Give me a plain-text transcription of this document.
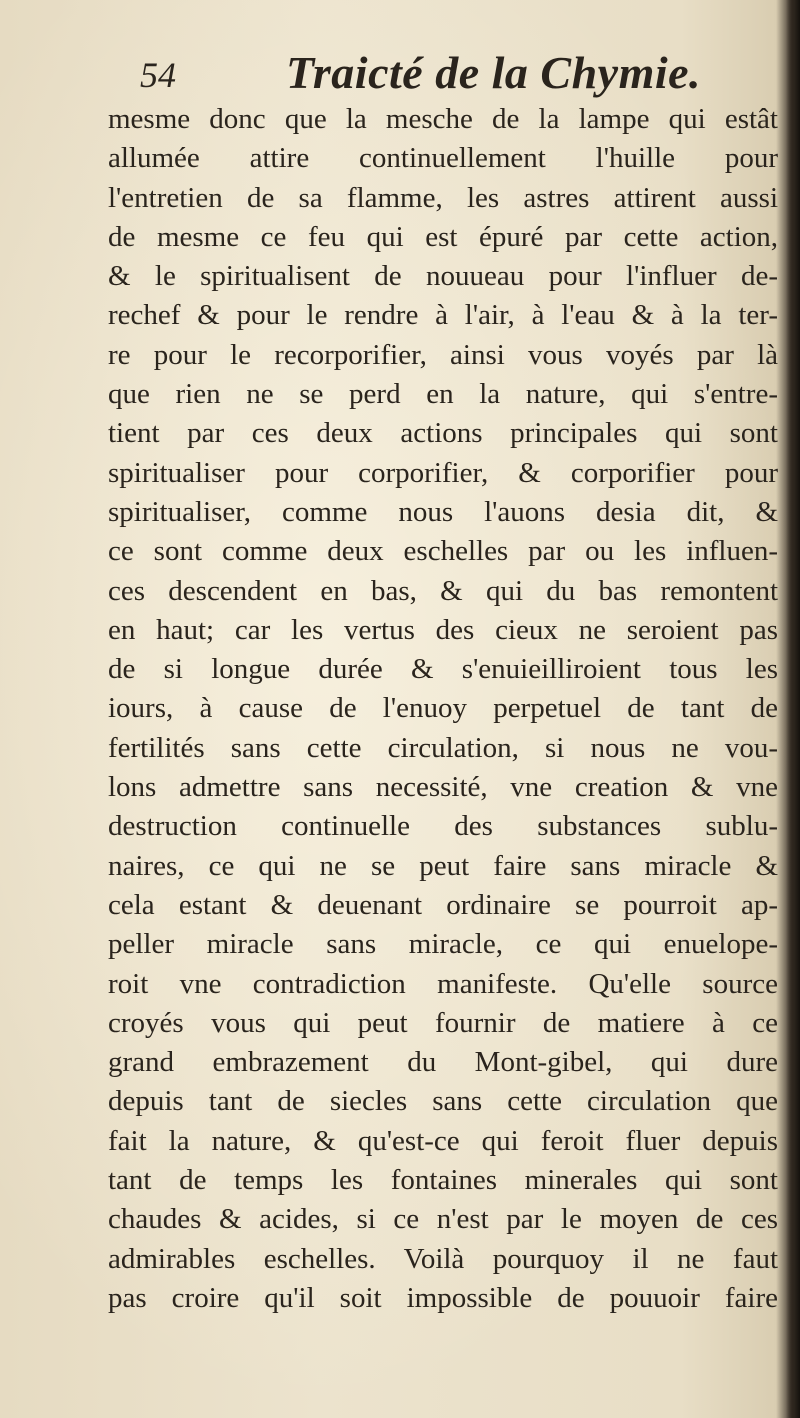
54 Traicté de la Chymie.
mesme donc que la mesche de la lampe qui estât
allumée attire continuellement l'huille pour
l'entretien de sa flamme, les astres attirent aussi
de mesme ce feu qui est épuré par cette action,
& le spiritualisent de nouueau pour l'influer de-
rechef & pour le rendre à l'air, à l'eau & à la ter-
re pour le recorporifier, ainsi vous voyés par là
que rien ne se perd en la nature, qui s'entre-
tient par ces deux actions principales qui sont
spiritualiser pour corporifier, & corporifier pour
spiritualiser, comme nous l'auons desia dit, &
ce sont comme deux eschelles par ou les influen-
ces descendent en bas, & qui du bas remontent
en haut; car les vertus des cieux ne seroient pas
de si longue durée & s'enuieilliroient tous les
iours, à cause de l'enuoy perpetuel de tant de
fertilités sans cette circulation, si nous ne vou-
lons admettre sans necessité, vne creation & vne
destruction continuelle des substances sublu-
naires, ce qui ne se peut faire sans miracle &
cela estant & deuenant ordinaire se pourroit ap-
peller miracle sans miracle, ce qui enuelope-
roit vne contradiction manifeste. Qu'elle source
croyés vous qui peut fournir de matiere à ce
grand embrazement du Mont-gibel, qui dure
depuis tant de siecles sans cette circulation que
fait la nature, & qu'est-ce qui feroit fluer depuis
tant de temps les fontaines minerales qui sont
chaudes & acides, si ce n'est par le moyen de ces
admirables eschelles. Voilà pourquoy il ne faut
pas croire qu'il soit impossible de pouuoir faire
